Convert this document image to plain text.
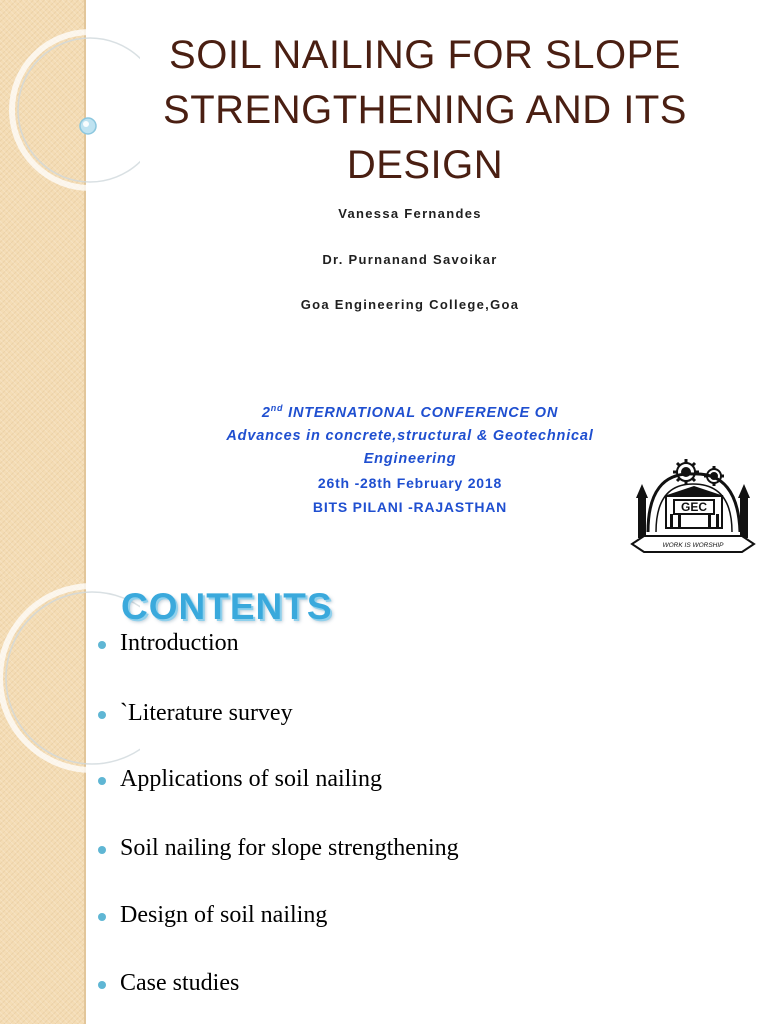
SOIL NAILING FOR SLOPE STRENGTHENING AND ITS DESIGN

Vanessa Fernandes

Dr. Purnanand Savoikar

Goa Engineering College,Goa

2nd INTERNATIONAL CONFERENCE ON

Advances in concrete,structural & Geotechnical

Engineering

26th -28th February 2018

BITS PILANI -RAJASTHAN	GEC
WORK IS WORSHIP
CONTENTS
Introduction
`Literature survey
Applications of soil nailing
Soil nailing for slope strengthening
Design of soil nailing
Case studies
